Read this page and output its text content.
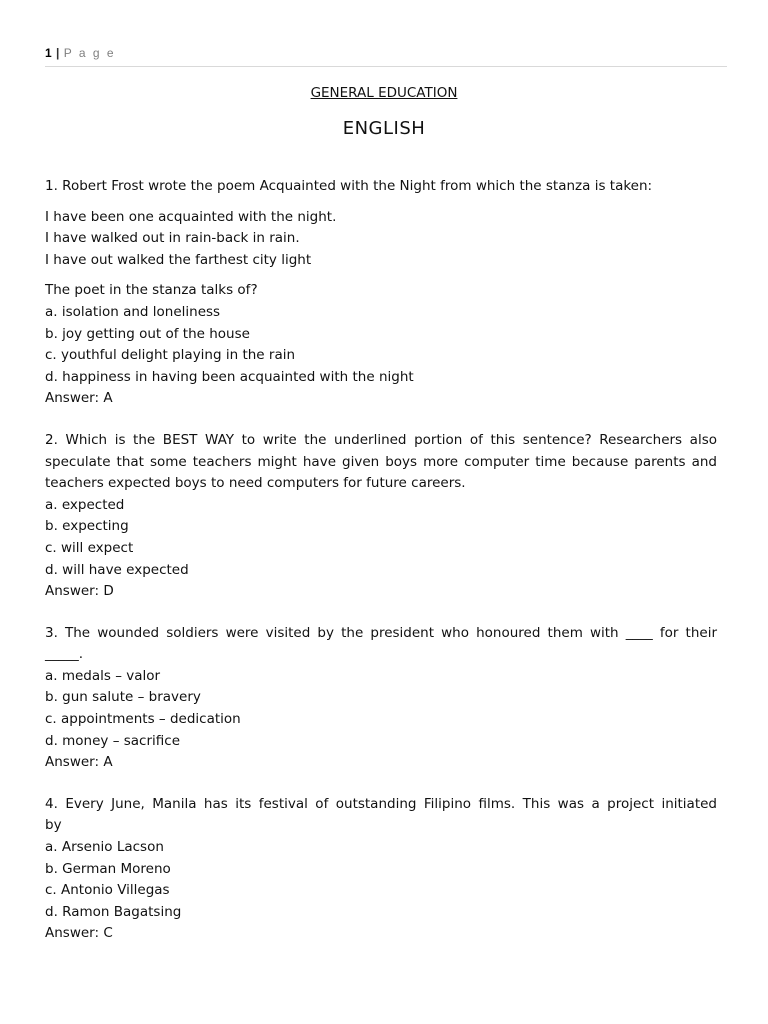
1 | P a g e
GENERAL EDUCATION
ENGLISH
1. Robert Frost wrote the poem Acquainted with the Night from which the stanza is taken:
I have been one acquainted with the night.
I have walked out in rain-back in rain.
I have out walked the farthest city light
The poet in the stanza talks of?
a. isolation and loneliness
b. joy getting out of the house
c. youthful delight playing in the rain
d. happiness in having been acquainted with the night
Answer: A
2. Which is the BEST WAY to write the underlined portion of this sentence? Researchers also
speculate that some teachers might have given boys more computer time because parents and
teachers expected boys to need computers for future careers.
a. expected
b. expecting
c. will expect
d. will have expected
Answer: D
3. The wounded soldiers were visited by the president who honoured them with ____ for their
_____.
a. medals – valor
b. gun salute – bravery
c. appointments – dedication
d. money – sacrifice
Answer: A
4. Every June, Manila has its festival of outstanding Filipino films. This was a project initiated
by
a. Arsenio Lacson
b. German Moreno
c. Antonio Villegas
d. Ramon Bagatsing
Answer: C
